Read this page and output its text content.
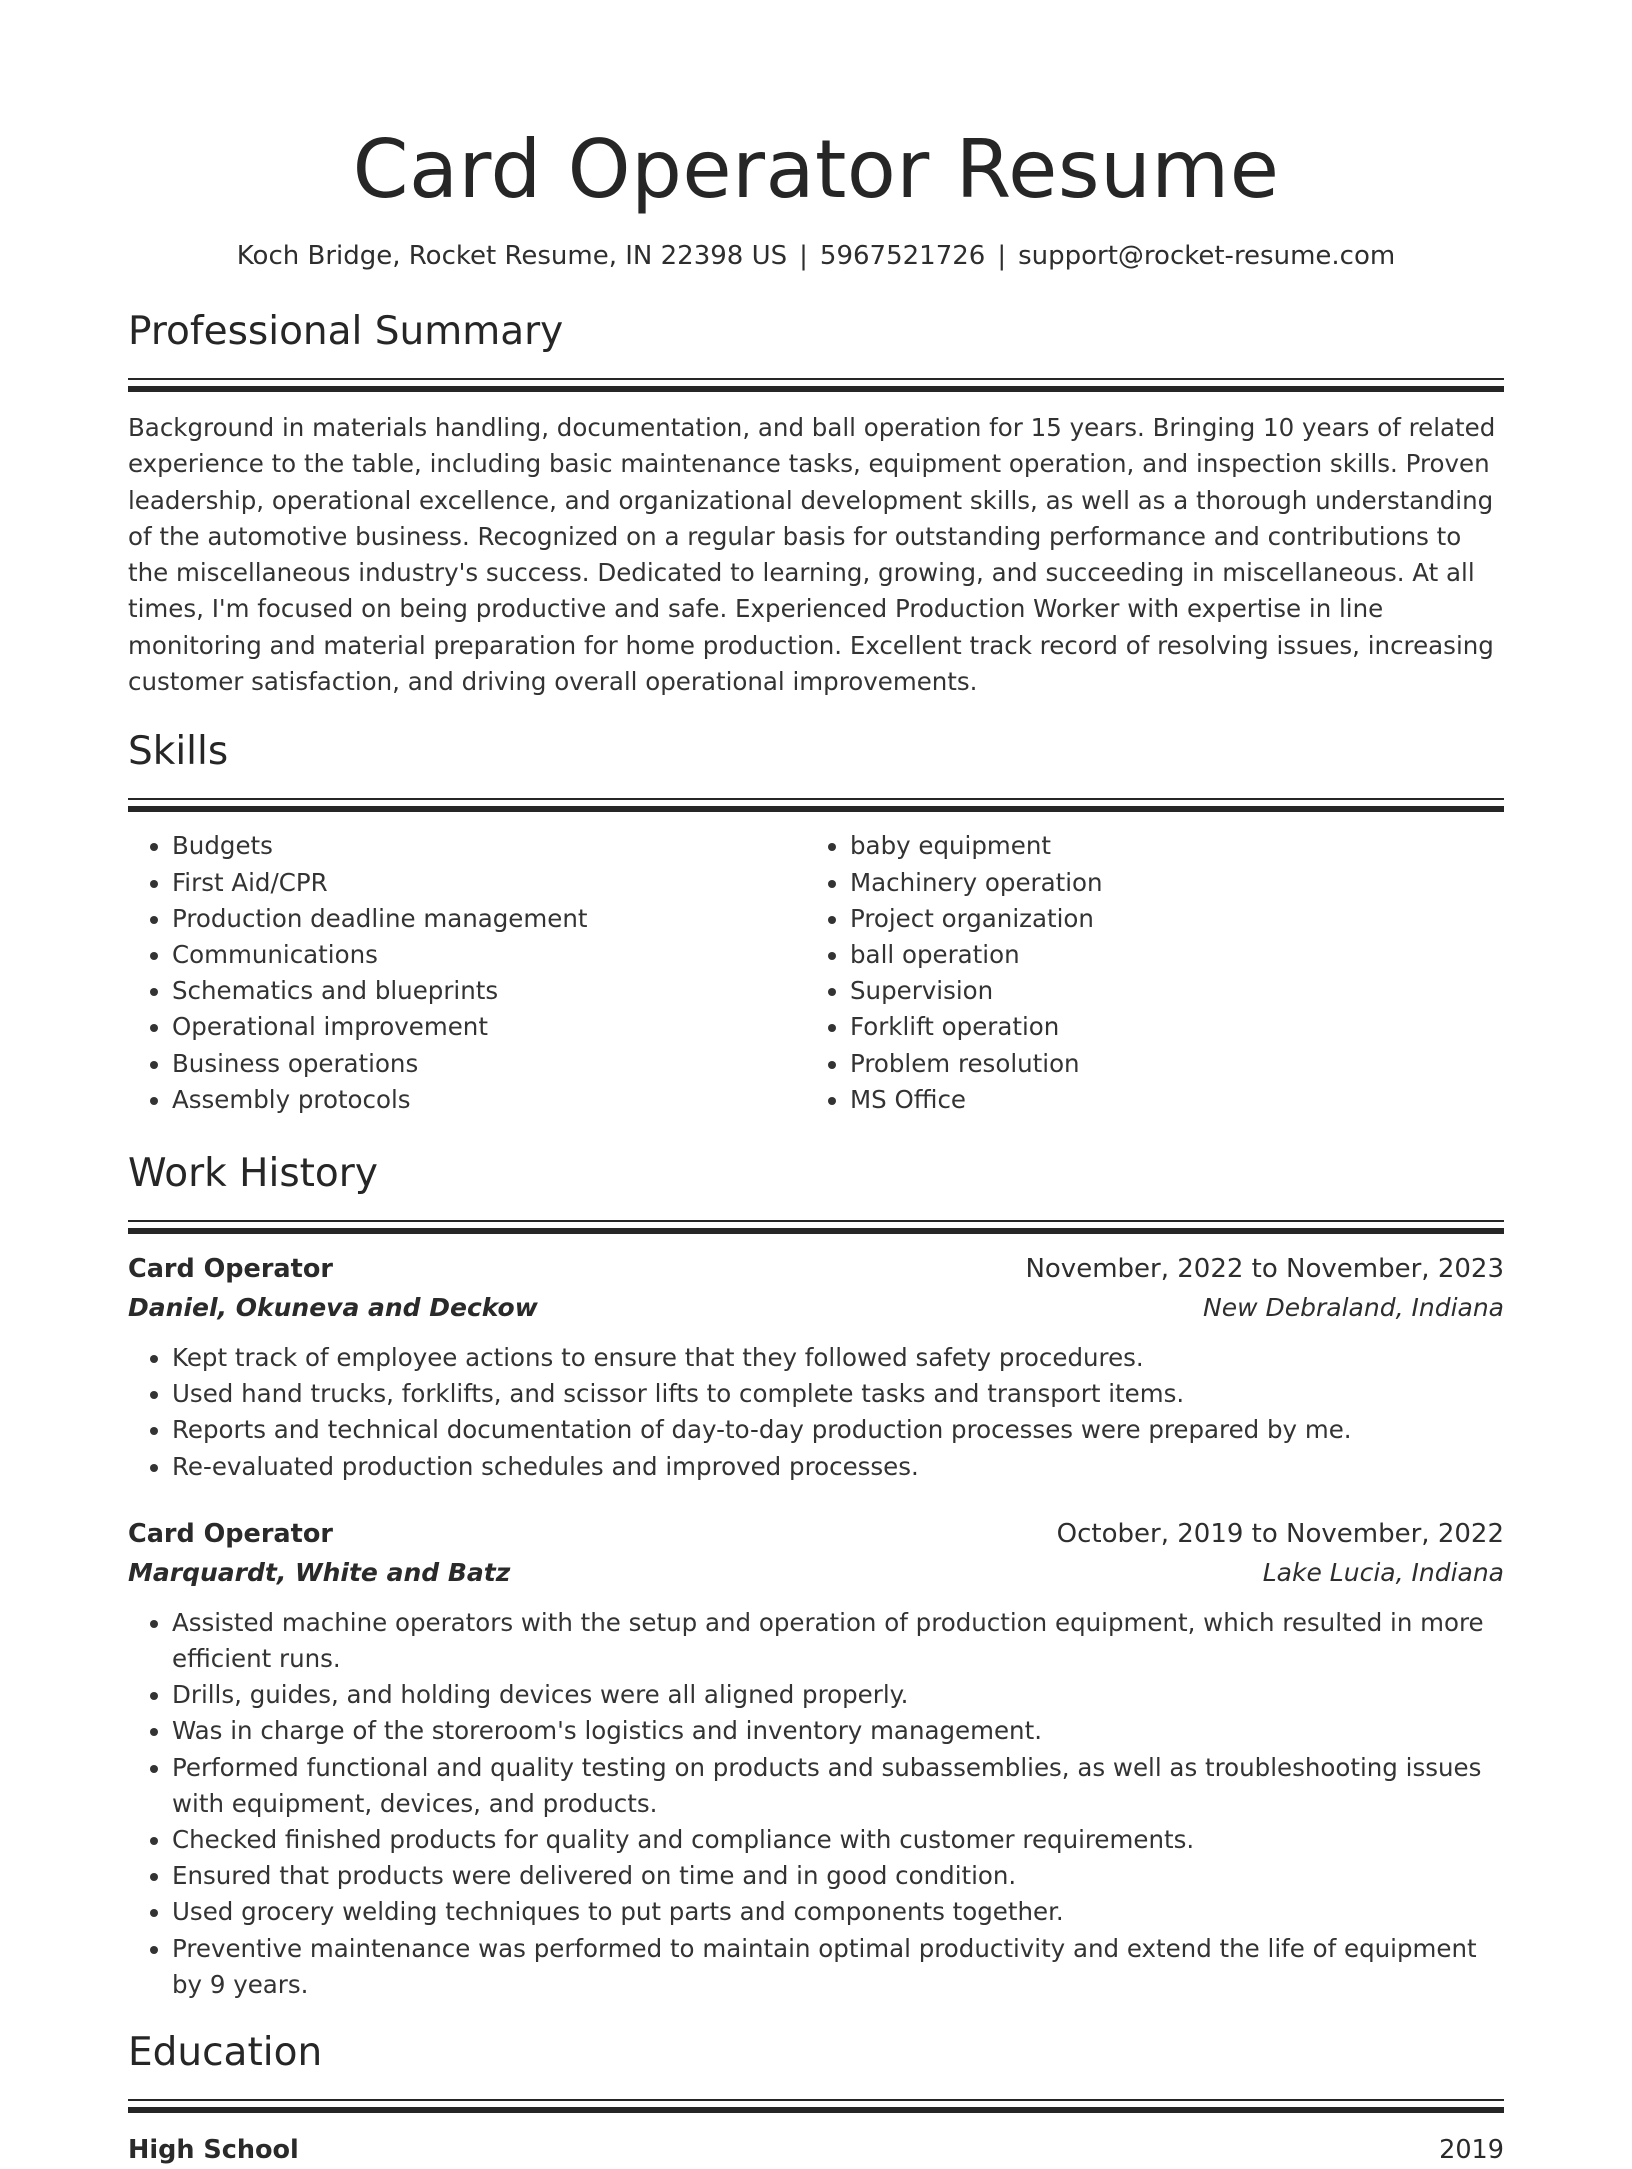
Card Operator Resume
Koch Bridge, Rocket Resume, IN 22398 US | 5967521726 | support@rocket-resume.com
Professional Summary

Background in materials handling, documentation, and ball operation for 15 years. Bringing 10 years of related experience to the table, including basic maintenance tasks, equipment operation, and inspection skills. Proven leadership, operational excellence, and organizational development skills, as well as a thorough understanding of the automotive business. Recognized on a regular basis for outstanding performance and contributions to the miscellaneous industry's success. Dedicated to learning, growing, and succeeding in miscellaneous. At all times, I'm focused on being productive and safe. Experienced Production Worker with expertise in line monitoring and material preparation for home production. Excellent track record of resolving issues, increasing customer satisfaction, and driving overall operational improvements.

Skills
• Budgets
• First Aid/CPR
• Production deadline management
• Communications
• Schematics and blueprints
• Operational improvement
• Business operations
• Assembly protocols
• baby equipment
• Machinery operation
• Project organization
• ball operation
• Supervision
• Forklift operation
• Problem resolution
• MS Office
Work History
Card Operator	November, 2022 to November, 2023
Daniel, Okuneva and Deckow	New Debraland, Indiana
• Kept track of employee actions to ensure that they followed safety procedures.
• Used hand trucks, forklifts, and scissor lifts to complete tasks and transport items.
• Reports and technical documentation of day-to-day production processes were prepared by me.
• Re-evaluated production schedules and improved processes.
Card Operator	October, 2019 to November, 2022
Marquardt, White and Batz	Lake Lucia, Indiana
• Assisted machine operators with the setup and operation of production equipment, which resulted in more efficient runs.
• Drills, guides, and holding devices were all aligned properly.
• Was in charge of the storeroom's logistics and inventory management.
• Performed functional and quality testing on products and subassemblies, as well as troubleshooting issues with equipment, devices, and products.
• Checked finished products for quality and compliance with customer requirements.
• Ensured that products were delivered on time and in good condition.
• Used grocery welding techniques to put parts and components together.
• Preventive maintenance was performed to maintain optimal productivity and extend the life of equipment by 9 years.
Education
High School	2019
